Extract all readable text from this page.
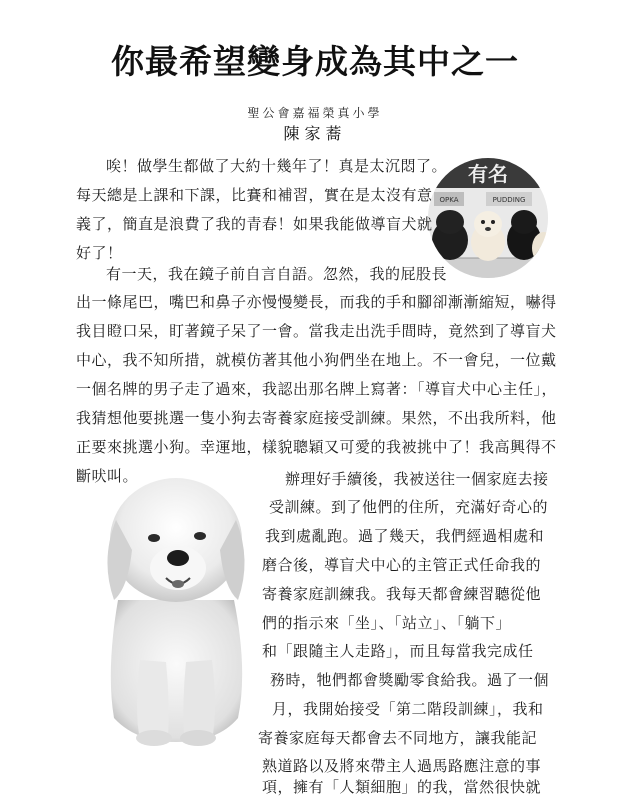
你最希望變身成為其中之一
聖公會嘉福榮真小學
陳家蕎
有名
OPKA	PUDDING
唉！做學生都做了大約十幾年了！真是太沉悶了。
每天總是上課和下課，比賽和補習，實在是太沒有意
義了，簡直是浪費了我的青春！如果我能做導盲犬就
好了！
有一天，我在鏡子前自言自語。忽然，我的屁股長
出一條尾巴，嘴巴和鼻子亦慢慢變長，而我的手和腳卻漸漸縮短，嚇得
我目瞪口呆，盯著鏡子呆了一會。當我走出洗手間時，竟然到了導盲犬
中心，我不知所措，就模仿著其他小狗們坐在地上。不一會兒，一位戴
一個名牌的男子走了過來，我認出那名牌上寫著：「導盲犬中心主任」，
我猜想他要挑選一隻小狗去寄養家庭接受訓練。果然，不出我所料，他
正要來挑選小狗。幸運地，樣貌聰穎又可愛的我被挑中了！我高興得不
斷吠叫。	辦理好手續後，我被送往一個家庭去接
受訓練。到了他們的住所，充滿好奇心的
我到處亂跑。過了幾天，我們經過相處和
磨合後，導盲犬中心的主管正式任命我的
寄養家庭訓練我。我每天都會練習聽從他
們的指示來「坐」、「站立」、「躺下」
和「跟隨主人走路」，而且每當我完成任
務時，牠們都會獎勵零食給我。過了一個
月，我開始接受「第二階段訓練」，我和
寄養家庭每天都會去不同地方，讓我能記
熟道路以及將來帶主人過馬路應注意的事
項，擁有「人類細胞」的我，當然很快就
